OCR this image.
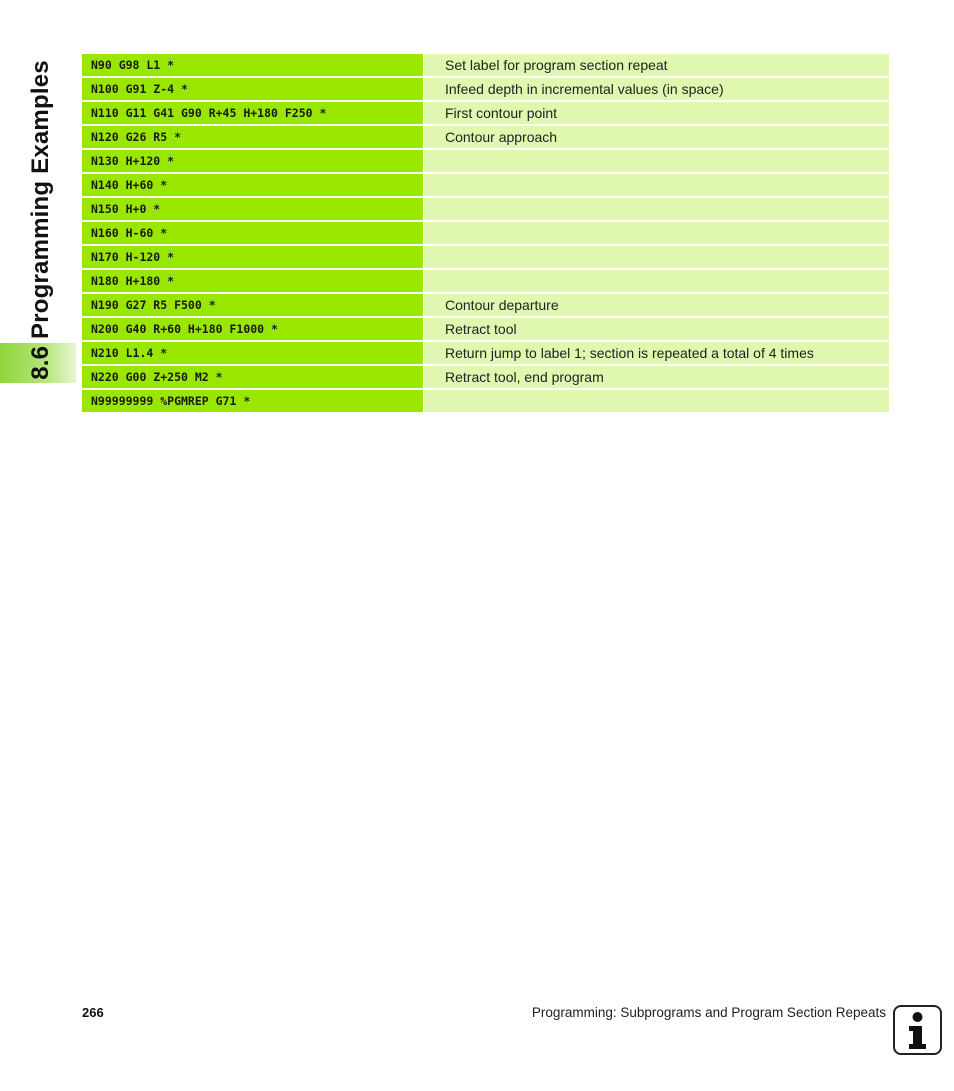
8.6 Programming Examples	N90 G98 L1 *	Set label for program section repeat
N100 G91 Z-4 *	Infeed depth in incremental values (in space)
N110 G11 G41 G90 R+45 H+180 F250 *	First contour point
N120 G26 R5 *	Contour approach
N130 H+120 *
N140 H+60 *
N150 H+0 *
N160 H-60 *
N170 H-120 *
N180 H+180 *
N190 G27 R5 F500 *	Contour departure
N200 G40 R+60 H+180 F1000 *	Retract tool
N210 L1.4 *	Return jump to label 1; section is repeated a total of 4 times
N220 G00 Z+250 M2 *	Retract tool, end program
N99999999 %PGMREP G71 *
266	Programming: Subprograms and Program Section Repeats
